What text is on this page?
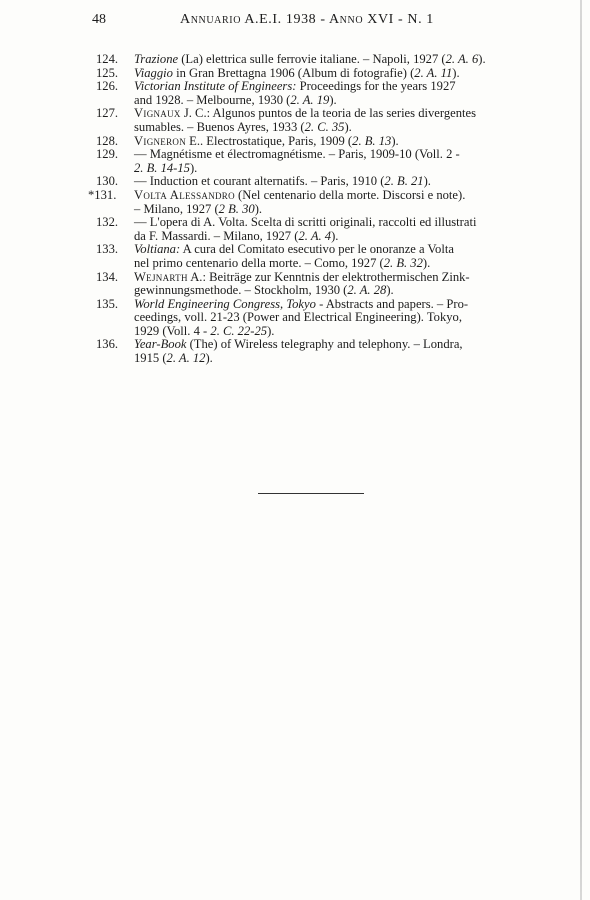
48	Annuario A.E.I. 1938 - Anno XVI - N. 1
124.	Trazione (La) elettrica sulle ferrovie italiane. – Napoli, 1927 (2. A. 6).
125.	Viaggio in Gran Brettagna 1906 (Album di fotografie) (2. A. 11).
126.	Victorian Institute of Engineers: Proceedings for the years 1927
and 1928. – Melbourne, 1930 (2. A. 19).
127.	Vignaux J. C.: Algunos puntos de la teoria de las series divergentes
sumables. – Buenos Ayres, 1933 (2. C. 35).
128.	Vigneron E.. Electrostatique, Paris, 1909 (2. B. 13).
129.	— Magnétisme et électromagnétisme. – Paris, 1909-10 (Voll. 2 -
2. B. 14-15).
130.	— Induction et courant alternatifs. – Paris, 1910 (2. B. 21).
*131.	Volta Alessandro (Nel centenario della morte. Discorsi e note).
– Milano, 1927 (2 B. 30).
132.	— L'opera di A. Volta. Scelta di scritti originali, raccolti ed illustrati
da F. Massardi. – Milano, 1927 (2. A. 4).
133.	Voltiana: A cura del Comitato esecutivo per le onoranze a Volta
nel primo centenario della morte. – Como, 1927 (2. B. 32).
134.	Wejnarth A.: Beiträge zur Kenntnis der elektrothermischen Zink-
gewinnungsmethode. – Stockholm, 1930 (2. A. 28).
135.	World Engineering Congress, Tokyo - Abstracts and papers. – Pro-
ceedings, voll. 21-23 (Power and Electrical Engineering). Tokyo,
1929 (Voll. 4 - 2. C. 22-25).
136.	Year-Book (The) of Wireless telegraphy and telephony. – Londra,
1915 (2. A. 12).
